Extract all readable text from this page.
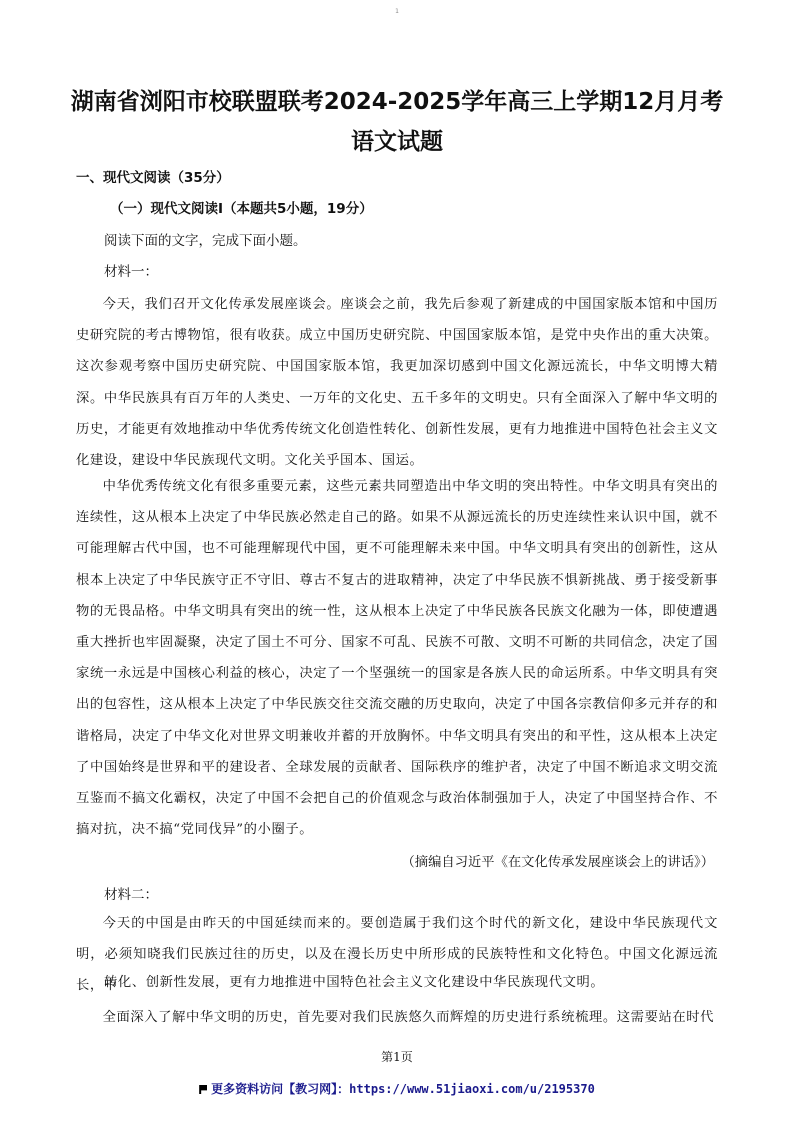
1
湖南省浏阳市校联盟联考2024-2025学年高三上学期12月月考语文试题
一、现代文阅读（35分）
（一）现代文阅读Ⅰ（本题共5小题，19分）
阅读下面的文字，完成下面小题。
材料一：

今天，我们召开文化传承发展座谈会。座谈会之前，我先后参观了新建成的中国国家版本馆和中国历史研究院的考古博物馆，很有收获。成立中国历史研究院、中国国家版本馆，是党中央作出的重大决策。这次参观考察中国历史研究院、中国国家版本馆，我更加深切感到中国文化源远流长，中华文明博大精深。中华民族具有百万年的人类史、一万年的文化史、五千多年的文明史。只有全面深入了解中华文明的历史，才能更有效地推动中华优秀传统文化创造性转化、创新性发展，更有力地推进中国特色社会主义文化建设，建设中华民族现代文明。文化关乎国本、国运。

中华优秀传统文化有很多重要元素，这些元素共同塑造出中华文明的突出特性。中华文明具有突出的连续性，这从根本上决定了中华民族必然走自己的路。如果不从源远流长的历史连续性来认识中国，就不可能理解古代中国，也不可能理解现代中国，更不可能理解未来中国。中华文明具有突出的创新性，这从根本上决定了中华民族守正不守旧、尊古不复古的进取精神，决定了中华民族不惧新挑战、勇于接受新事物的无畏品格。中华文明具有突出的统一性，这从根本上决定了中华民族各民族文化融为一体，即使遭遇重大挫折也牢固凝聚，决定了国土不可分、国家不可乱、民族不可散、文明不可断的共同信念，决定了国家统一永远是中国核心利益的核心，决定了一个坚强统一的国家是各族人民的命运所系。中华文明具有突出的包容性，这从根本上决定了中华民族交往交流交融的历史取向，决定了中国各宗教信仰多元并存的和谐格局，决定了中华文化对世界文明兼收并蓄的开放胸怀。中华文明具有突出的和平性，这从根本上决定了中国始终是世界和平的建设者、全球发展的贡献者、国际秩序的维护者，决定了中国不断追求文明交流互鉴而不搞文化霸权，决定了中国不会把自己的价值观念与政治体制强加于人，决定了中国坚持合作、不搞对抗，决不搞“党同伐异”的小圈子。

（摘编自习近平《在文化传承发展座谈会上的讲话》）
材料二：

今天的中国是由昨天的中国延续而来的。要创造属于我们这个时代的新文化，建设中华民族现代文明，必须知晓我们民族过往的历史，以及在漫长历史中所形成的民族特性和文化特色。中国文化源远流长，中

转化、创新性发展，更有力地推进中国特色社会主义文化建设中华民族现代文明。

全面深入了解中华文明的历史，首先要对我们民族悠久而辉煌的历史进行系统梳理。这需要站在时代

第1页
更多资料访问【教习网】：https://www.51jiaoxi.com/u/2195370
